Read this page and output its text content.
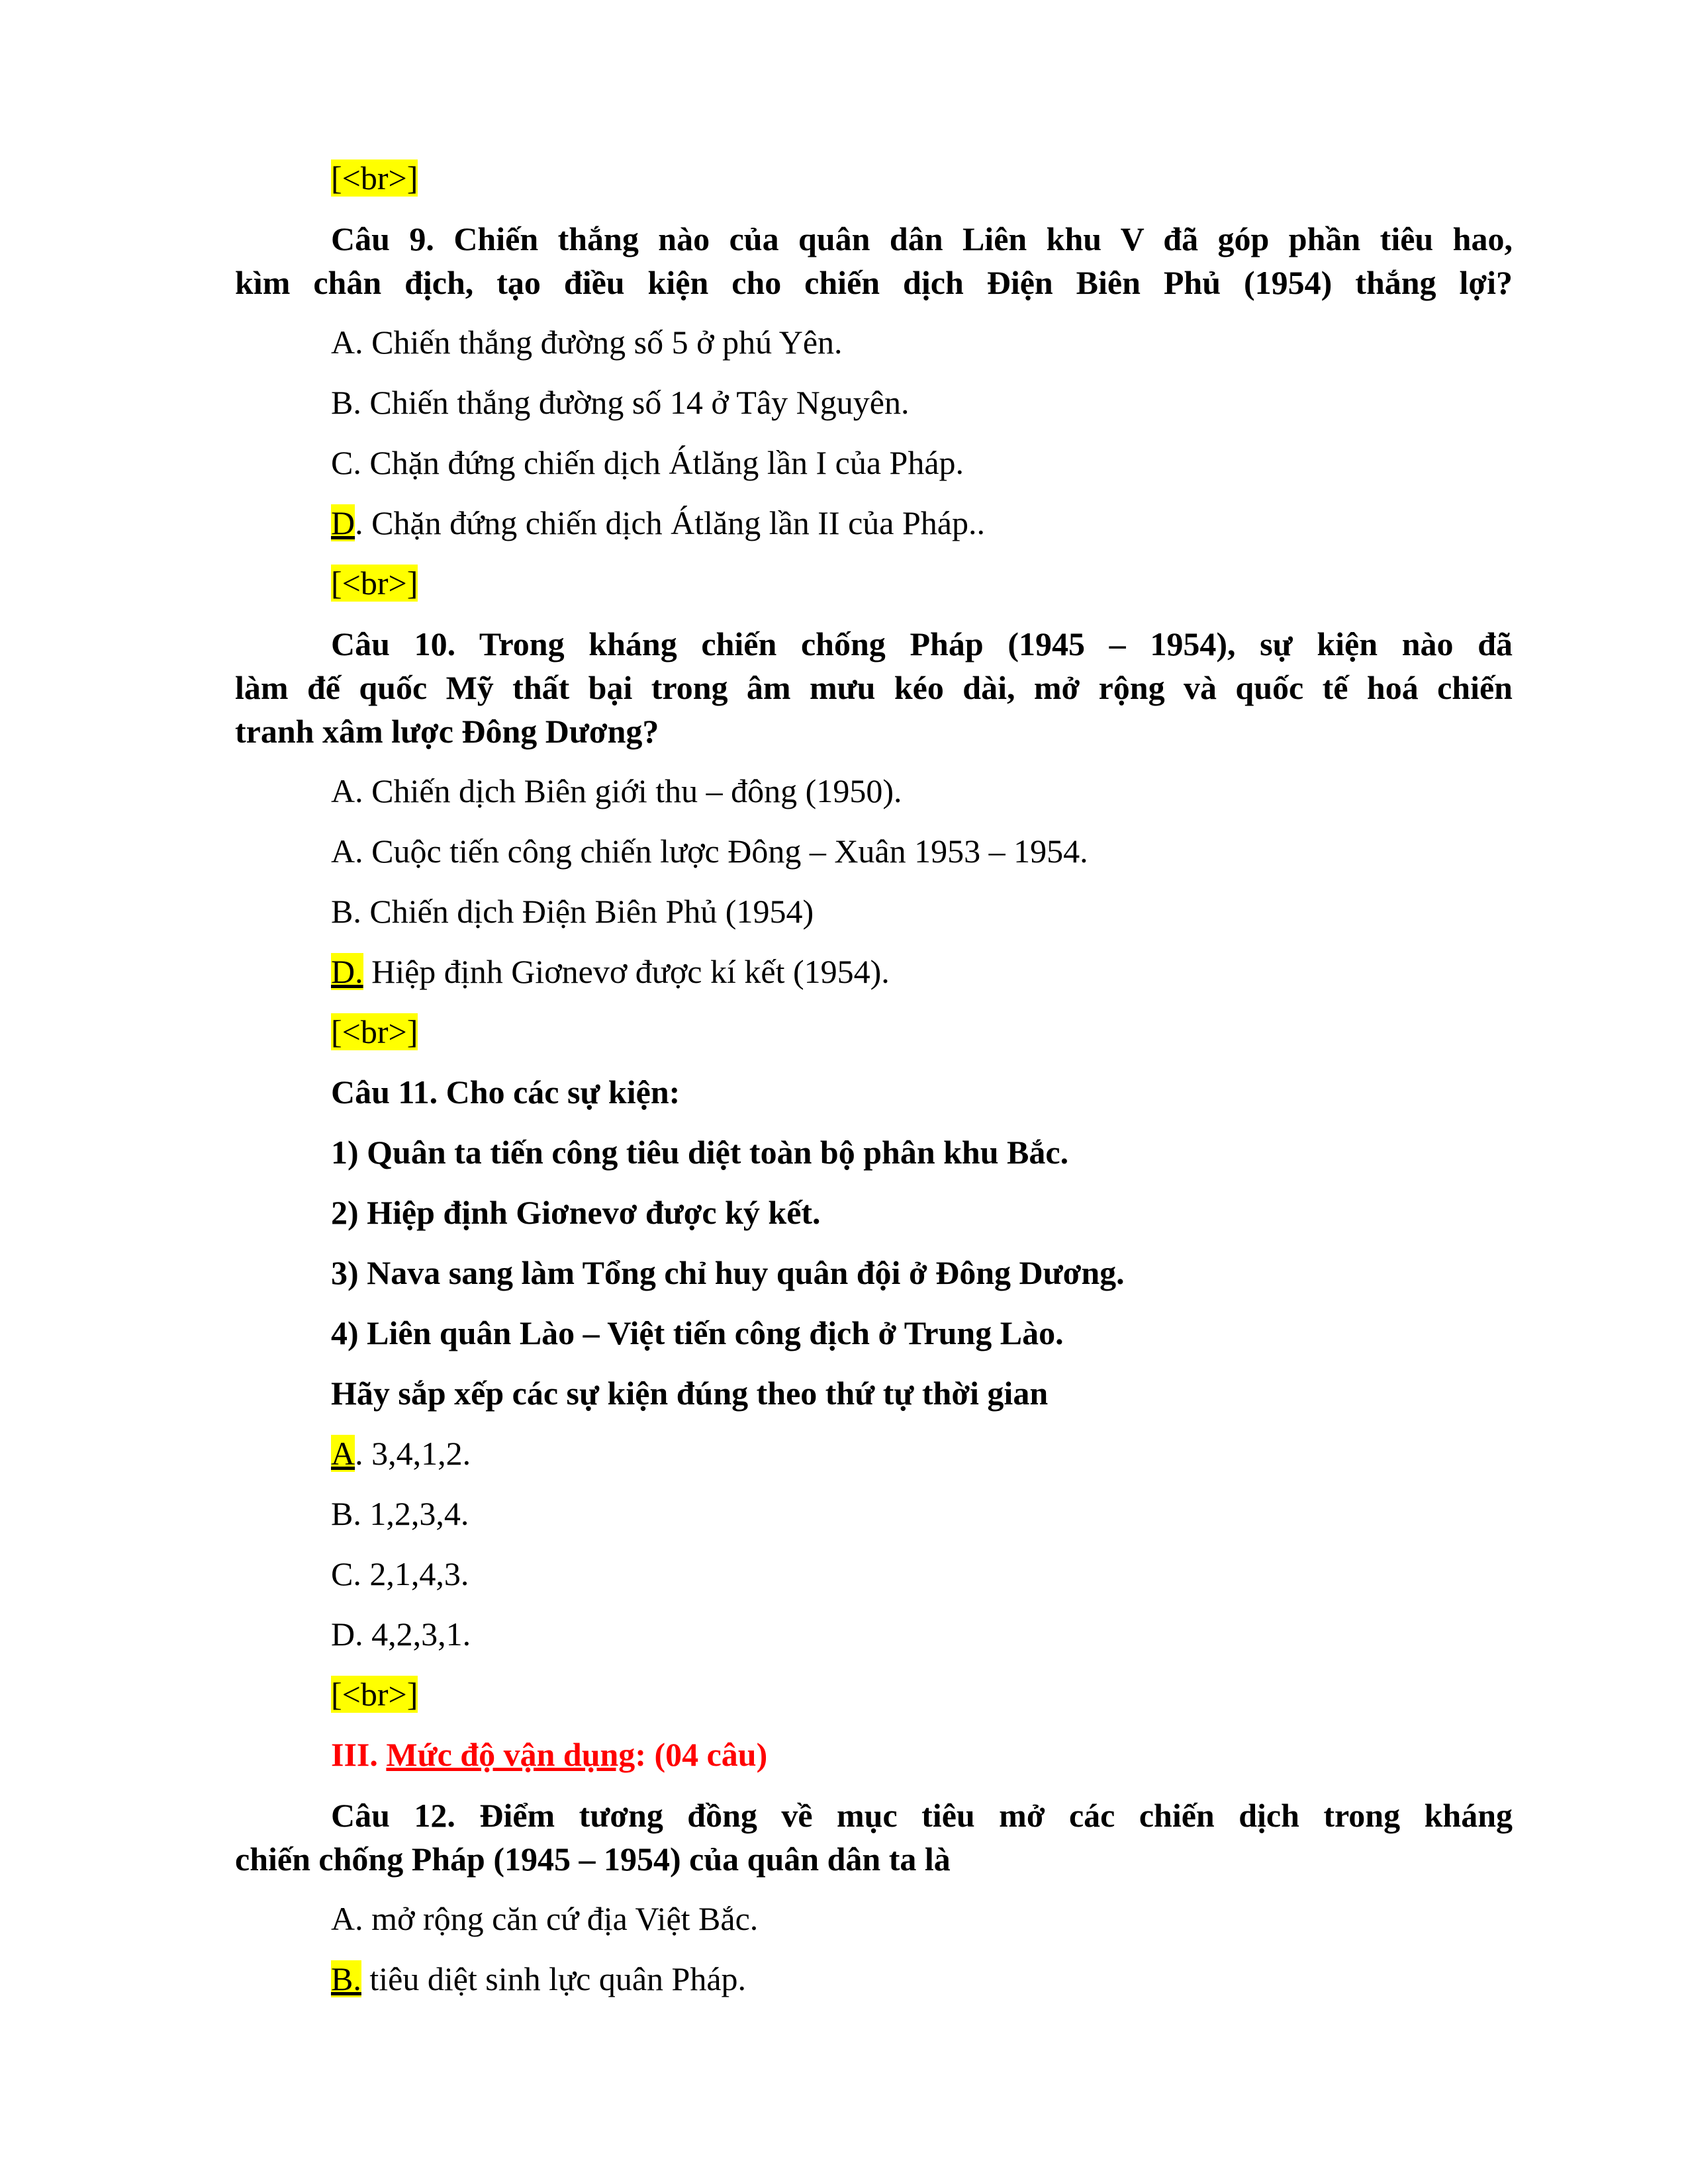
[<br>]
Câu 9. Chiến thắng nào của quân dân Liên khu V đã góp phần tiêu hao,
kìm chân địch, tạo điều kiện cho chiến dịch Điện Biên Phủ (1954) thắng lợi?
A. Chiến thắng đường số 5 ở phú Yên.
B. Chiến thắng đường số 14 ở Tây Nguyên.
C. Chặn đứng chiến dịch Átlăng lần I của Pháp.
D. Chặn đứng chiến dịch Átlăng lần II của Pháp..
[<br>]
Câu 10. Trong kháng chiến chống Pháp (1945 – 1954), sự kiện nào đã
làm đế quốc Mỹ thất bại trong âm mưu kéo dài, mở rộng và quốc tế hoá chiến
tranh xâm lược Đông Dương?
A. Chiến dịch Biên giới thu – đông (1950).
A. Cuộc tiến công chiến lược Đông – Xuân 1953 – 1954.
B. Chiến dịch Điện Biên Phủ (1954)
D. Hiệp định Giơnevơ được kí kết (1954).
[<br>]
Câu 11. Cho các sự kiện:
1) Quân ta tiến công tiêu diệt toàn bộ phân khu Bắc.
2) Hiệp định Giơnevơ được ký kết.
3) Nava sang làm Tổng chỉ huy quân đội ở Đông Dương.
4) Liên quân Lào – Việt tiến công địch ở Trung Lào.
Hãy sắp xếp các sự kiện đúng theo thứ tự thời gian
A. 3,4,1,2.
B. 1,2,3,4.
C. 2,1,4,3.
D. 4,2,3,1.
[<br>]
III. Mức độ vận dụng: (04 câu)
Câu 12. Điểm tương đồng về mục tiêu mở các chiến dịch trong kháng
chiến chống Pháp (1945 – 1954) của quân dân ta là
A. mở rộng căn cứ địa Việt Bắc.
B. tiêu diệt sinh lực quân Pháp.
